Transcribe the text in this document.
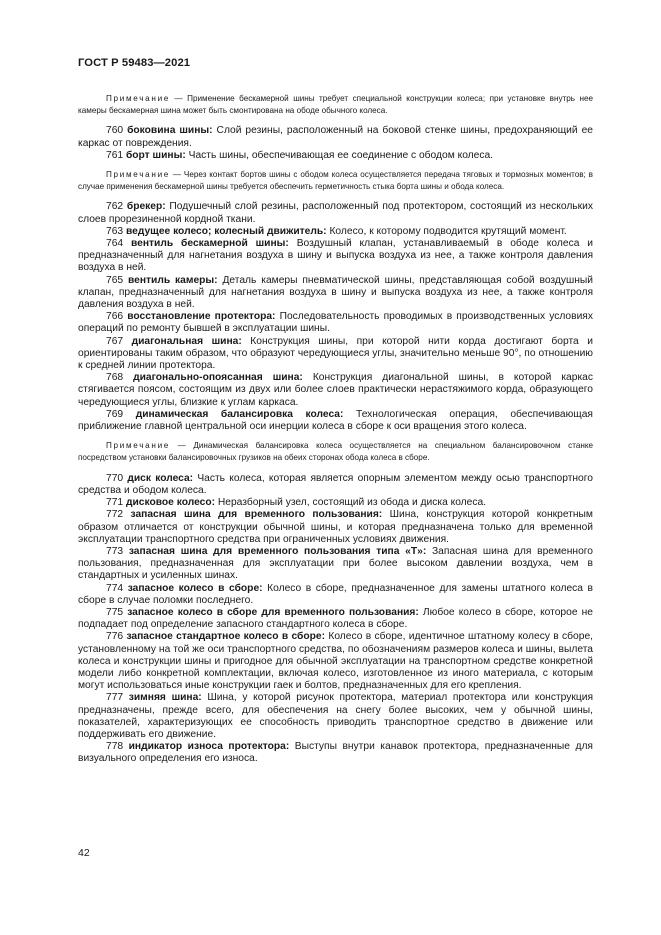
ГОСТ Р 59483—2021
Примечание — Применение бескамерной шины требует специальной конструкции колеса; при установке внутрь нее камеры бескамерная шина может быть смонтирована на ободе обычного колеса.
760 боковина шины: Слой резины, расположенный на боковой стенке шины, предохраняющий ее каркас от повреждения.
761 борт шины: Часть шины, обеспечивающая ее соединение с ободом колеса.
Примечание — Через контакт бортов шины с ободом колеса осуществляется передача тяговых и тормозных моментов; в случае применения бескамерной шины требуется обеспечить герметичность стыка борта шины и обода колеса.
762 брекер: Подушечный слой резины, расположенный под протектором, состоящий из нескольких слоев прорезиненной кордной ткани.
763 ведущее колесо; колесный движитель: Колесо, к которому подводится крутящий момент.
764 вентиль бескамерной шины: Воздушный клапан, устанавливаемый в ободе колеса и предназначенный для нагнетания воздуха в шину и выпуска воздуха из нее, а также контроля давления воздуха в ней.
765 вентиль камеры: Деталь камеры пневматической шины, представляющая собой воздушный клапан, предназначенный для нагнетания воздуха в шину и выпуска воздуха из нее, а также контроля давления воздуха в ней.
766 восстановление протектора: Последовательность проводимых в производственных условиях операций по ремонту бывшей в эксплуатации шины.
767 диагональная шина: Конструкция шины, при которой нити корда достигают борта и ориентированы таким образом, что образуют чередующиеся углы, значительно меньше 90°, по отношению к средней линии протектора.
768 диагонально-опоясанная шина: Конструкция диагональной шины, в которой каркас стягивается поясом, состоящим из двух или более слоев практически нерастяжимого корда, образующего чередующиеся углы, близкие к углам каркаса.
769 динамическая балансировка колеса: Технологическая операция, обеспечивающая приближение главной центральной оси инерции колеса в сборе к оси вращения этого колеса.
Примечание — Динамическая балансировка колеса осуществляется на специальном балансировочном станке посредством установки балансировочных грузиков на обеих сторонах обода колеса в сборе.
770 диск колеса: Часть колеса, которая является опорным элементом между осью транспортного средства и ободом колеса.
771 дисковое колесо: Неразборный узел, состоящий из обода и диска колеса.
772 запасная шина для временного пользования: Шина, конструкция которой конкретным образом отличается от конструкции обычной шины, и которая предназначена только для временной эксплуатации транспортного средства при ограниченных условиях движения.
773 запасная шина для временного пользования типа «Т»: Запасная шина для временного пользования, предназначенная для эксплуатации при более высоком давлении воздуха, чем в стандартных и усиленных шинах.
774 запасное колесо в сборе: Колесо в сборе, предназначенное для замены штатного колеса в сборе в случае поломки последнего.
775 запасное колесо в сборе для временного пользования: Любое колесо в сборе, которое не подпадает под определение запасного стандартного колеса в сборе.
776 запасное стандартное колесо в сборе: Колесо в сборе, идентичное штатному колесу в сборе, установленному на той же оси транспортного средства, по обозначениям размеров колеса и шины, вылета колеса и конструкции шины и пригодное для обычной эксплуатации на транспортном средстве конкретной модели либо конкретной комплектации, включая колесо, изготовленное из иного материала, с которым могут использоваться иные конструкции гаек и болтов, предназначенных для его крепления.
777 зимняя шина: Шина, у которой рисунок протектора, материал протектора или конструкция предназначены, прежде всего, для обеспечения на снегу более высоких, чем у обычной шины, показателей, характеризующих ее способность приводить транспортное средство в движение или поддерживать его движение.
778 индикатор износа протектора: Выступы внутри канавок протектора, предназначенные для визуального определения его износа.
42
